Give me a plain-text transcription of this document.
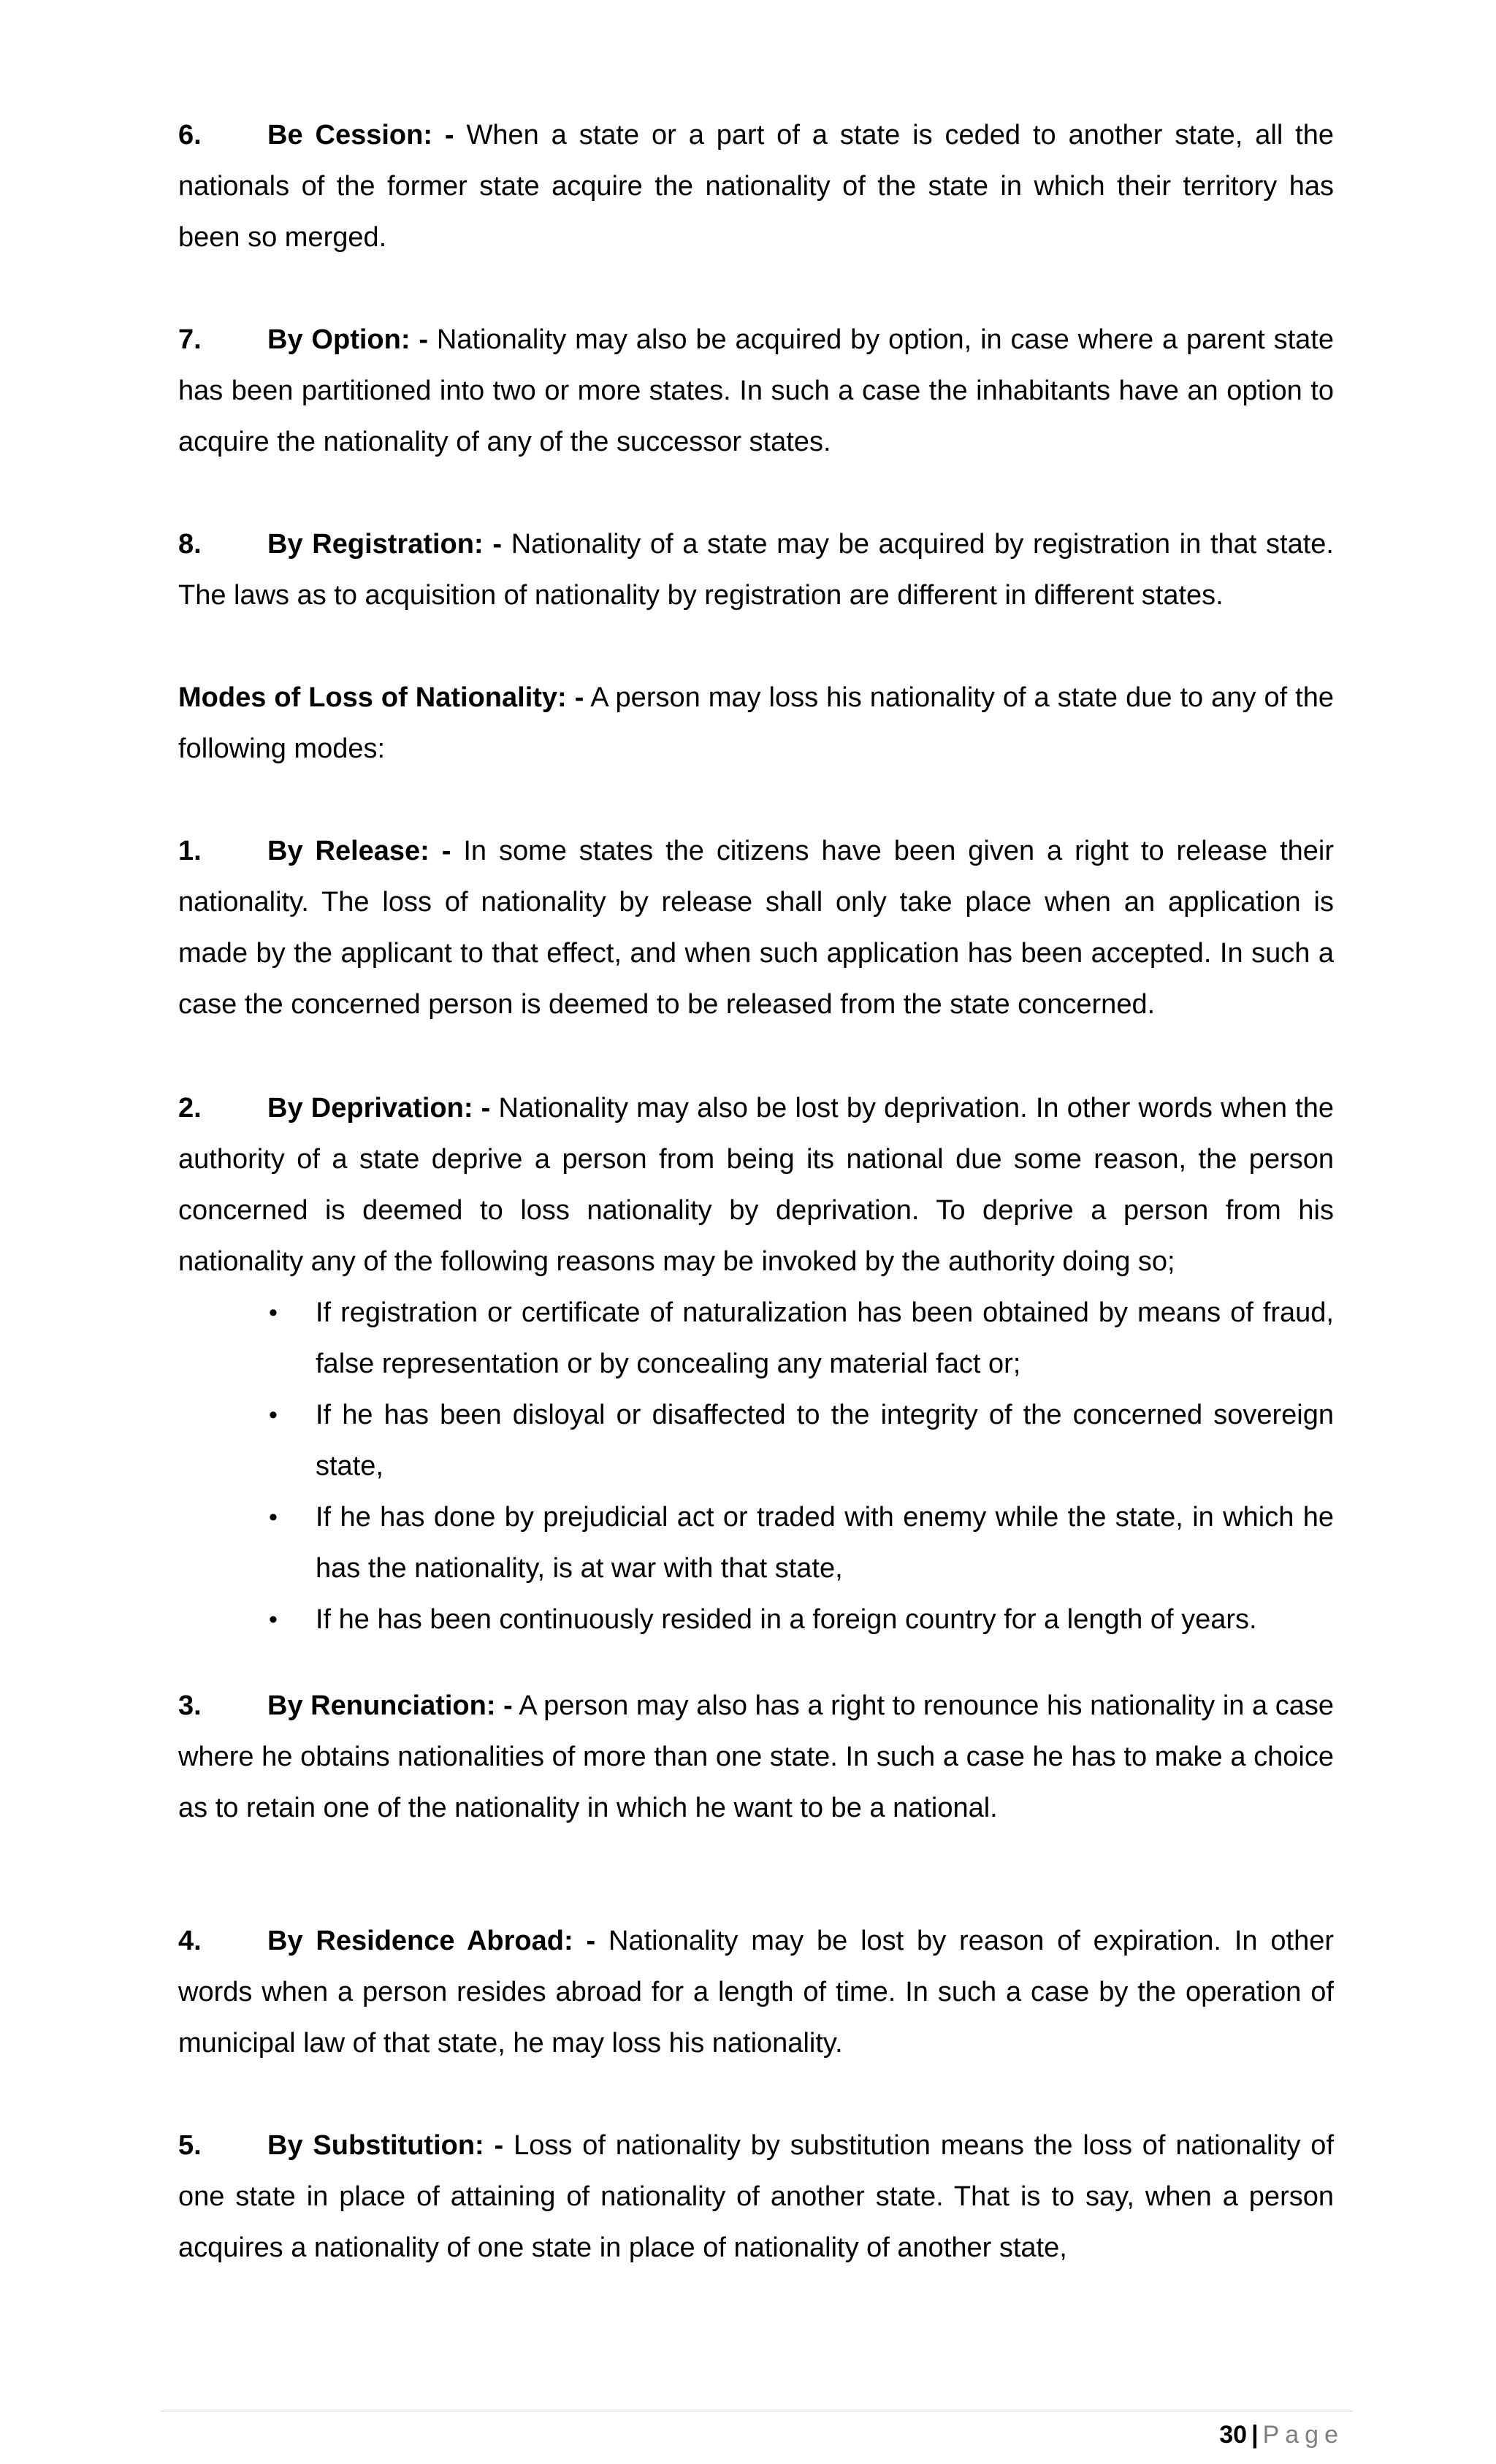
6. Be Cession: - When a state or a part of a state is ceded to another state, all the nationals of the former state acquire the nationality of the state in which their territory has been so merged.

7. By Option: - Nationality may also be acquired by option, in case where a parent state has been partitioned into two or more states. In such a case the inhabitants have an option to acquire the nationality of any of the successor states.

8. By Registration: - Nationality of a state may be acquired by registration in that state. The laws as to acquisition of nationality by registration are different in different states.

Modes of Loss of Nationality: - A person may loss his nationality of a state due to any of the following modes:

1. By Release: - In some states the citizens have been given a right to release their nationality. The loss of nationality by release shall only take place when an application is made by the applicant to that effect, and when such application has been accepted. In such a case the concerned person is deemed to be released from the state concerned.

2. By Deprivation: - Nationality may also be lost by deprivation. In other words when the authority of a state deprive a person from being its national due some reason, the person concerned is deemed to loss nationality by deprivation. To deprive a person from his nationality any of the following reasons may be invoked by the authority doing so;

•	If registration or certificate of naturalization has been obtained by means of fraud, false representation or by concealing any material fact or;
•	If he has been disloyal or disaffected to the integrity of the concerned sovereign state,
•	If he has done by prejudicial act or traded with enemy while the state, in which he has the nationality, is at war with that state,
•	If he has been continuously resided in a foreign country for a length of years.

3. By Renunciation: - A person may also has a right to renounce his nationality in a case where he obtains nationalities of more than one state. In such a case he has to make a choice as to retain one of the nationality in which he want to be a national.

4. By Residence Abroad: - Nationality may be lost by reason of expiration. In other words when a person resides abroad for a length of time. In such a case by the operation of municipal law of that state, he may loss his nationality.

5. By Substitution: - Loss of nationality by substitution means the loss of nationality of one state in place of attaining of nationality of another state. That is to say, when a person acquires a nationality of one state in place of nationality of another state,

30 | Page
